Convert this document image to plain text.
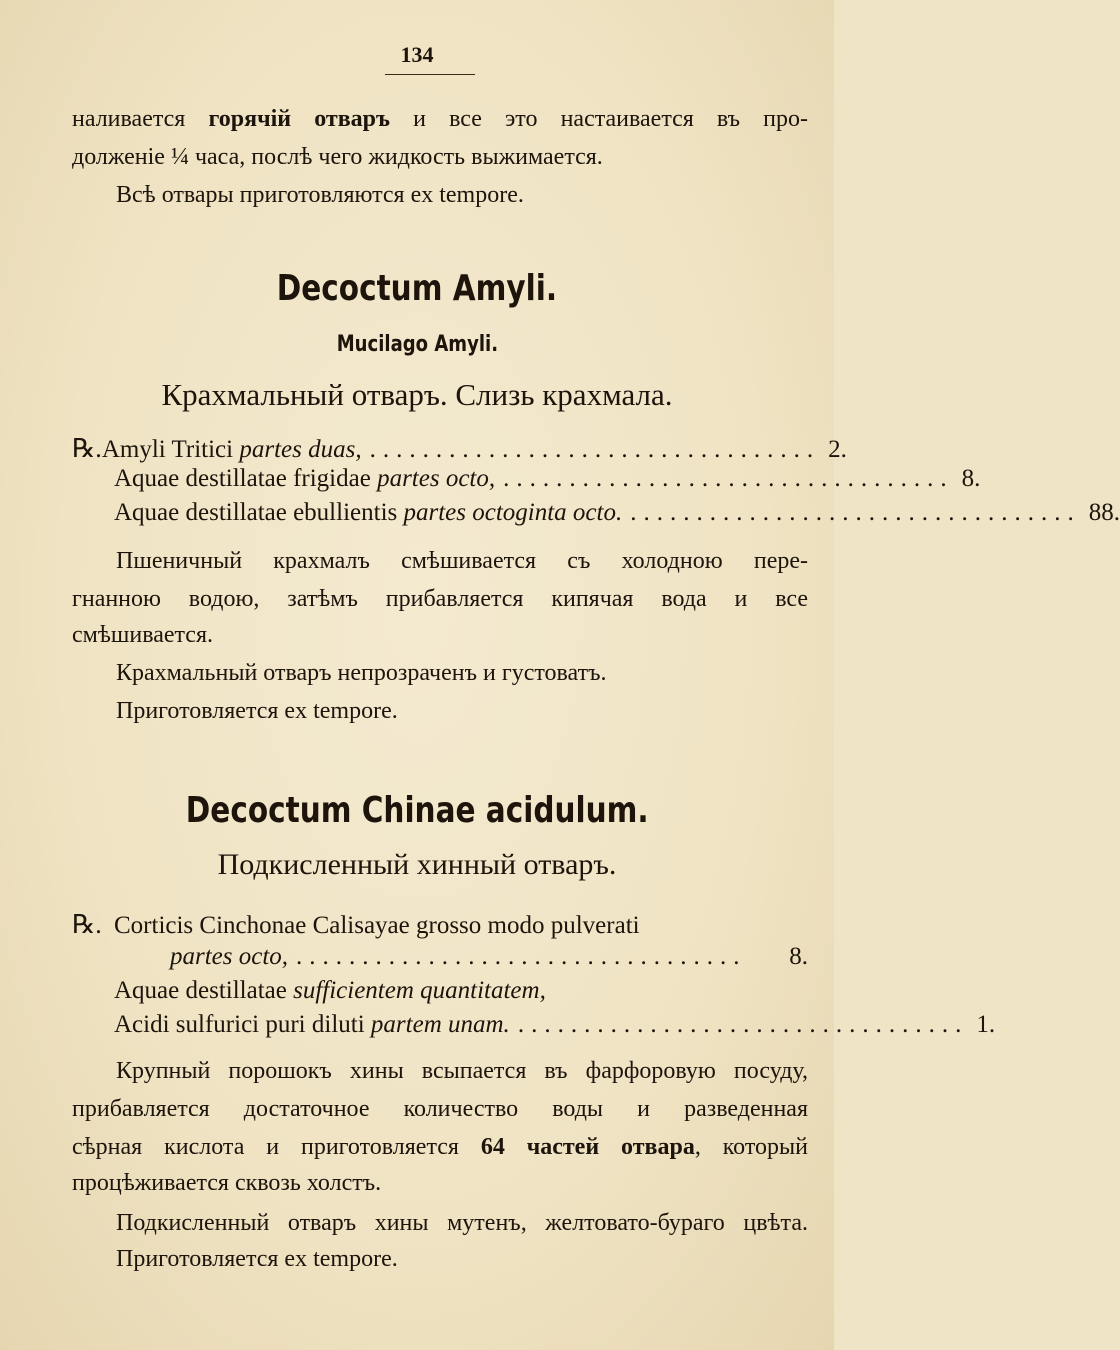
134
наливается горячій отваръ и все это настаивается въ про-
долженіе ¼ часа, послѣ чего жидкость выжимается.
Всѣ отвары приготовляются ex tempore.
Decoctum Amyli.
Mucilago Amyli.
Крахмальный отваръ. Слизь крахмала.
℞. Amyli Tritici partes duas, .................................. 2.
Aquae destillatae frigidae partes octo, .................................. 8.
Aquae destillatae ebullientis partes octoginta octo. .................................. 88.
Пшеничный крахмалъ смѣшивается съ холодною пере-
гнанною водою, затѣмъ прибавляется кипячая вода и все
смѣшивается.
Крахмальный отваръ непрозраченъ и густоватъ.
Приготовляется ex tempore.
Decoctum Chinae acidulum.
Подкисленный хинный отваръ.
℞. Corticis Cinchonae Calisayae grosso modo pulverati
partes octo, ..................................	8.
Aquae destillatae sufficientem quantitatem,
Acidi sulfurici puri diluti partem unam. .................................. 1.
Крупный порошокъ хины всыпается въ фарфоровую посуду,
прибавляется достаточное количество воды и разведенная
сѣрная кислота и приготовляется 64 частей отвара, который
процѣживается сквозь холстъ.
Подкисленный отваръ хины мутенъ, желтовато-бураго цвѣта.
Приготовляется ex tempore.
